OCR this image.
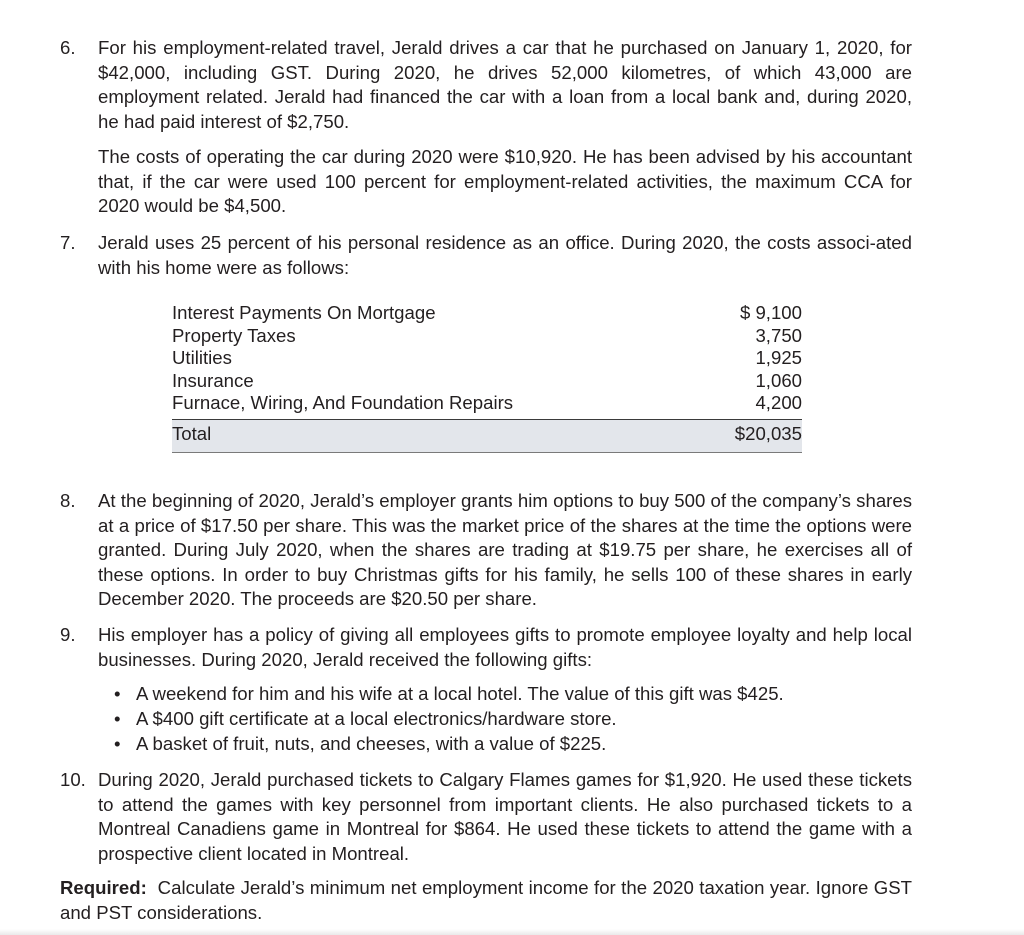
6. For his employment-related travel, Jerald drives a car that he purchased on January 1, 2020, for $42,000, including GST. During 2020, he drives 52,000 kilometres, of which 43,000 are employment related. Jerald had financed the car with a loan from a local bank and, during 2020, he had paid interest of $2,750.
The costs of operating the car during 2020 were $10,920. He has been advised by his accountant that, if the car were used 100 percent for employment-related activities, the maximum CCA for 2020 would be $4,500.
7. Jerald uses 25 percent of his personal residence as an office. During 2020, the costs associ-ated with his home were as follows:
Interest Payments On Mortgage	$ 9,100
Property Taxes	3,750
Utilities	1,925
Insurance	1,060
Furnace, Wiring, And Foundation Repairs	4,200
Total	$20,035
8. At the beginning of 2020, Jerald’s employer grants him options to buy 500 of the company’s shares at a price of $17.50 per share. This was the market price of the shares at the time the options were granted. During July 2020, when the shares are trading at $19.75 per share, he exercises all of these options. In order to buy Christmas gifts for his family, he sells 100 of these shares in early December 2020. The proceeds are $20.50 per share.
9. His employer has a policy of giving all employees gifts to promote employee loyalty and help local businesses. During 2020, Jerald received the following gifts:
• A weekend for him and his wife at a local hotel. The value of this gift was $425.
• A $400 gift certificate at a local electronics/hardware store.
• A basket of fruit, nuts, and cheeses, with a value of $225.
10. During 2020, Jerald purchased tickets to Calgary Flames games for $1,920. He used these tickets to attend the games with key personnel from important clients. He also purchased tickets to a Montreal Canadiens game in Montreal for $864. He used these tickets to attend the game with a prospective client located in Montreal.
Required: Calculate Jerald’s minimum net employment income for the 2020 taxation year. Ignore GST and PST considerations.
